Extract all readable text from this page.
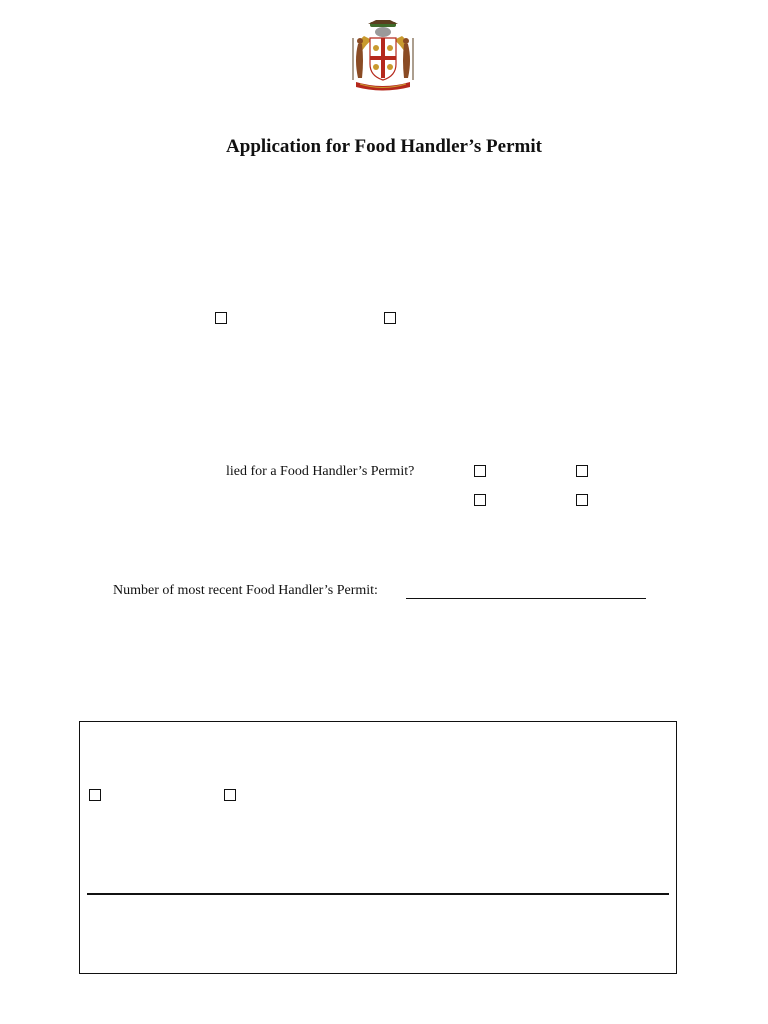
Application for Food Handler’s Permit
lied for a Food Handler’s Permit?
Number of most recent Food Handler’s Permit:
